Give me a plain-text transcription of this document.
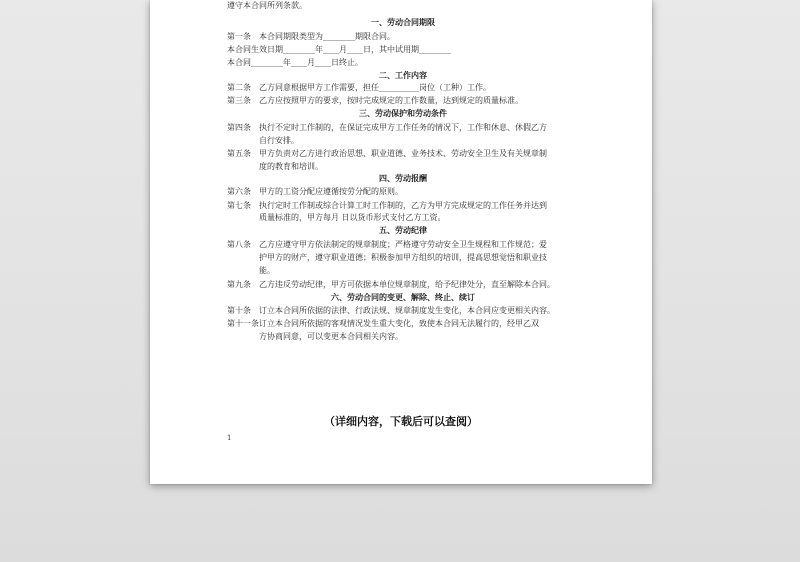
遵守本合同所列条款。
一、劳动合同期限
第一条 本合同期限类型为________期限合同。
本合同生效日期________年____月____日，其中试用期________
本合同________年____月____日终止。
二、工作内容
第二条 乙方同意根据甲方工作需要，担任__________岗位（工种）工作。
第三条 乙方应按照甲方的要求，按时完成规定的工作数量，达到规定的质量标准。
三、劳动保护和劳动条件
第四条 执行不定时工作制的，在保证完成甲方工作任务的情况下，工作和休息、休假乙方
自行安排。
第五条 甲方负责对乙方进行政治思想、职业道德、业务技术、劳动安全卫生及有关规章制
度的教育和培训。
四、劳动报酬
第六条 甲方的工资分配应遵循按劳分配的原则。
第七条 执行定时工作制或综合计算工时工作制的，乙方为甲方完成规定的工作任务并达到
质量标准的，甲方每月 日以货币形式支付乙方工资。
五、劳动纪律
第八条 乙方应遵守甲方依法制定的规章制度；严格遵守劳动安全卫生规程和工作规范；爱
护甲方的财产，遵守职业道德；积极参加甲方组织的培训，提高思想觉悟和职业技
能。
第九条 乙方违反劳动纪律，甲方可依据本单位规章制度，给予纪律处分，直至解除本合同。
六、劳动合同的变更、解除、终止、续订
第十条 订立本合同所依据的法律、行政法规、规章制度发生变化，本合同应变更相关内容。
第十一条订立本合同所依据的客观情况发生重大变化，致使本合同无法履行的，经甲乙双
方协商同意，可以变更本合同相关内容。
（详细内容，下载后可以查阅）
1
